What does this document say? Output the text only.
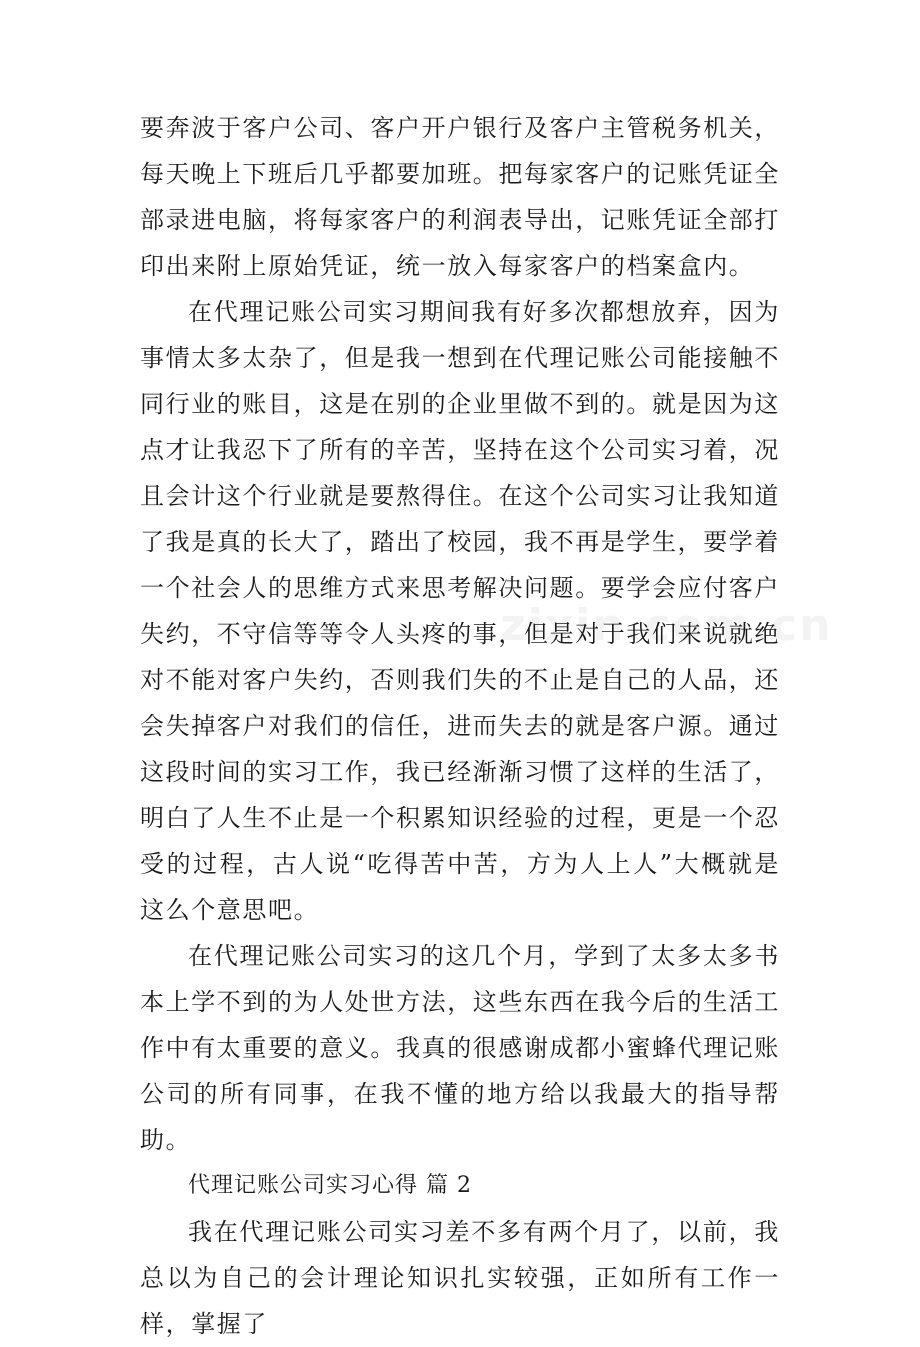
要奔波于客户公司、客户开户银行及客户主管税务机关，每天晚上下班后几乎都要加班。把每家客户的记账凭证全部录进电脑，将每家客户的利润表导出，记账凭证全部打印出来附上原始凭证，统一放入每家客户的档案盒内。

在代理记账公司实习期间我有好多次都想放弃，因为事情太多太杂了，但是我一想到在代理记账公司能接触不同行业的账目，这是在别的企业里做不到的。就是因为这点才让我忍下了所有的辛苦，坚持在这个公司实习着，况且会计这个行业就是要熬得住。在这个公司实习让我知道了我是真的长大了，踏出了校园，我不再是学生，要学着一个社会人的思维方式来思考解决问题。要学会应付客户失约，不守信等等令人头疼的事，但是对于我们来说就绝对不能对客户失约，否则我们失的不止是自己的人品，还会失掉客户对我们的信任，进而失去的就是客户源。通过这段时间的实习工作，我已经渐渐习惯了这样的生活了，明白了人生不止是一个积累知识经验的过程，更是一个忍受的过程，古人说“吃得苦中苦，方为人上人”大概就是这么个意思吧。

在代理记账公司实习的这几个月，学到了太多太多书本上学不到的为人处世方法，这些东西在我今后的生活工作中有太重要的意义。我真的很感谢成都小蜜蜂代理记账公司的所有同事，在我不懂的地方给以我最大的指导帮助。

代理记账公司实习心得 篇 2

我在代理记账公司实习差不多有两个月了，以前，我总以为自己的会计理论知识扎实较强，正如所有工作一样，掌握了
